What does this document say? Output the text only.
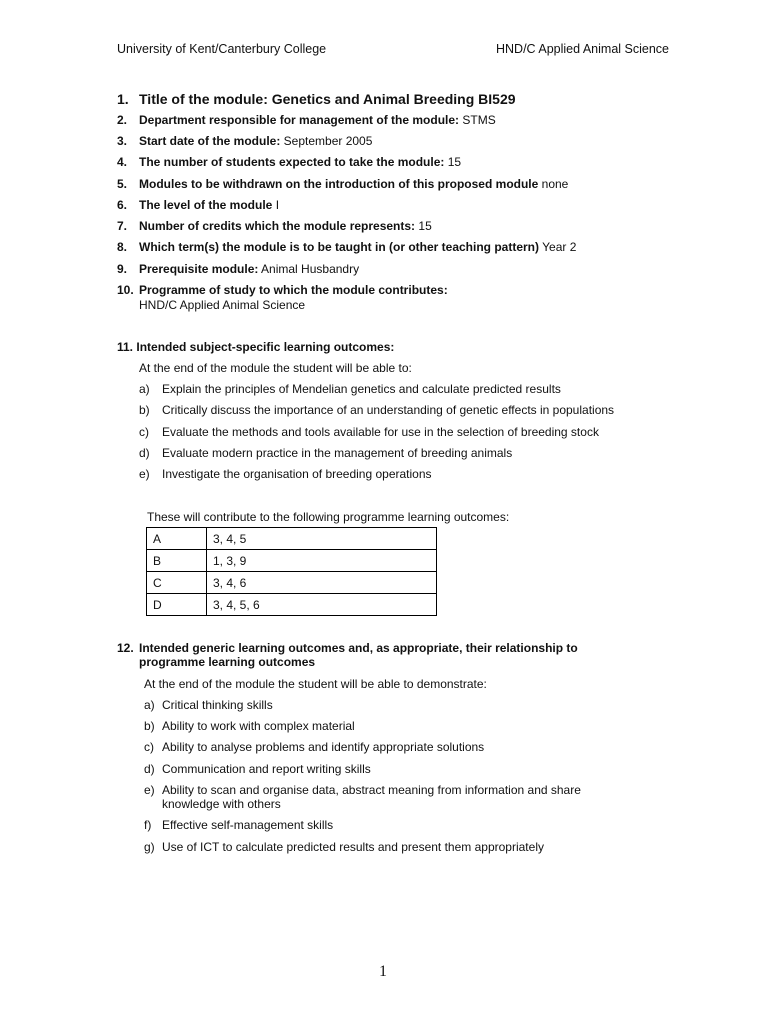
University of Kent/Canterbury College	HND/C Applied Animal Science
1. Title of the module: Genetics and Animal Breeding BI529
2. Department responsible for management of the module: STMS
3. Start date of the module: September 2005
4. The number of students expected to take the module: 15
5. Modules to be withdrawn on the introduction of this proposed module none
6. The level of the module I
7. Number of credits which the module represents: 15
8. Which term(s) the module is to be taught in (or other teaching pattern) Year 2
9. Prerequisite module: Animal Husbandry
10. Programme of study to which the module contributes:
HND/C Applied Animal Science
11. Intended subject-specific learning outcomes:
At the end of the module the student will be able to:
a) Explain the principles of Mendelian genetics and calculate predicted results
b) Critically discuss the importance of an understanding of genetic effects in populations
c) Evaluate the methods and tools available for use in the selection of breeding stock
d) Evaluate modern practice in the management of breeding animals
e) Investigate the organisation of breeding operations
These will contribute to the following programme learning outcomes:
A	3, 4, 5
B	1, 3, 9
C	3, 4, 6
D	3, 4, 5, 6
12. Intended generic learning outcomes and, as appropriate, their relationship to
programme learning outcomes
At the end of the module the student will be able to demonstrate:
a) Critical thinking skills
b) Ability to work with complex material
c) Ability to analyse problems and identify appropriate solutions
d) Communication and report writing skills
e) Ability to scan and organise data, abstract meaning from information and share
knowledge with others
f) Effective self-management skills
g) Use of ICT to calculate predicted results and present them appropriately
1
